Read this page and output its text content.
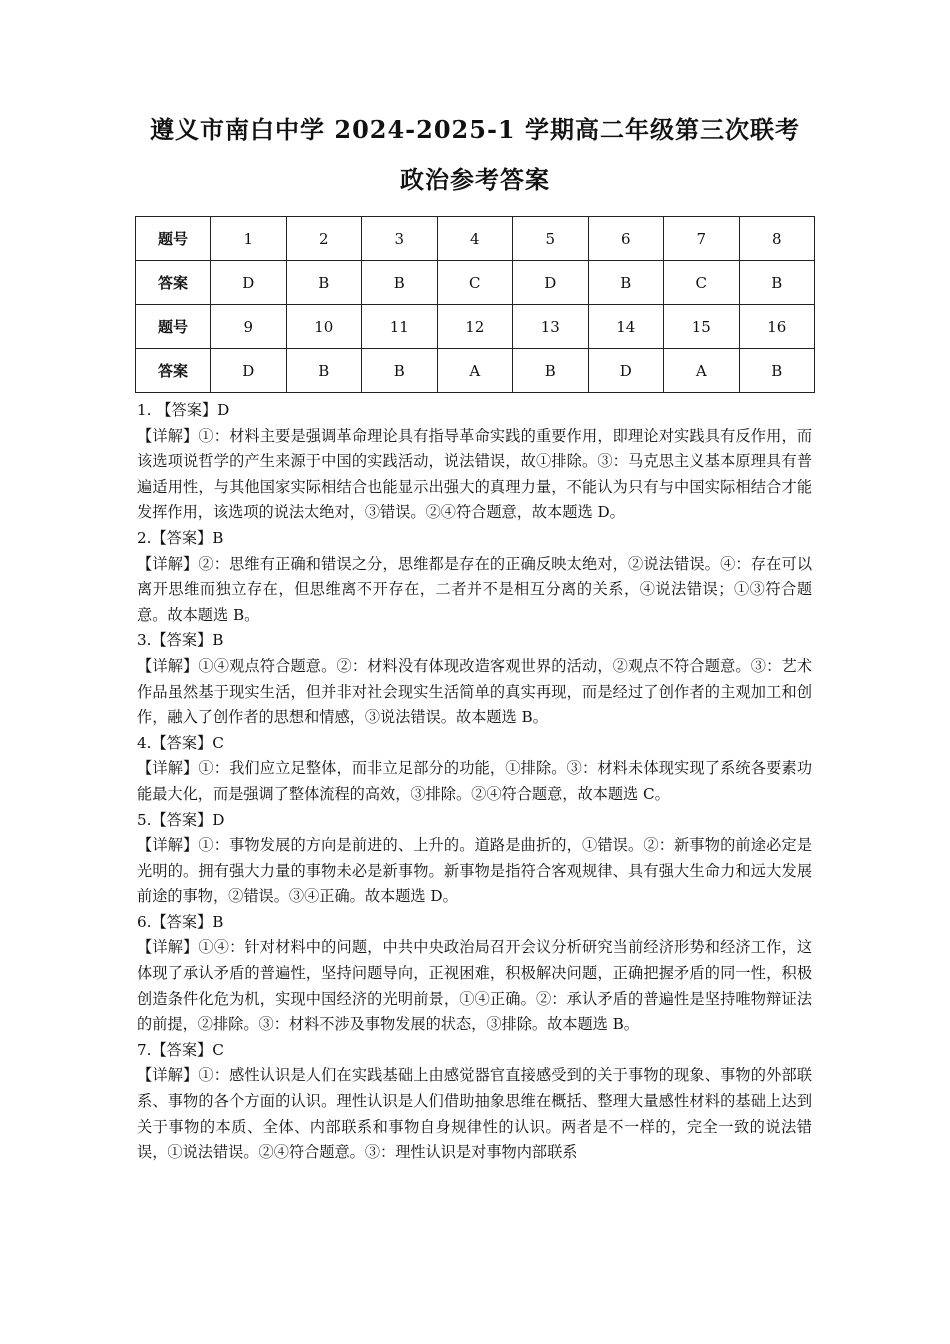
遵义市南白中学 2024-2025-1 学期高二年级第三次联考
政治参考答案
题号	1	2	3	4	5	6	7	8
答案	D	B	B	C	D	B	C	B
题号	9	10	11	12	13	14	15	16
答案	D	B	B	A	B	D	A	B

1. 【答案】D

【详解】①：材料主要是强调革命理论具有指导革命实践的重要作用，即理论对实践具有反作用，而该选项说哲学的产生来源于中国的实践活动，说法错误，故①排除。③：马克思主义基本原理具有普遍适用性，与其他国家实际相结合也能显示出强大的真理力量，不能认为只有与中国实际相结合才能发挥作用，该选项的说法太绝对，③错误。②④符合题意，故本题选 D。

2.【答案】B

【详解】②：思维有正确和错误之分，思维都是存在的正确反映太绝对，②说法错误。④：存在可以离开思维而独立存在，但思维离不开存在，二者并不是相互分离的关系，④说法错误；①③符合题意。故本题选 B。

3.【答案】B

【详解】①④观点符合题意。②：材料没有体现改造客观世界的活动，②观点不符合题意。③：艺术作品虽然基于现实生活，但并非对社会现实生活简单的真实再现，而是经过了创作者的主观加工和创作，融入了创作者的思想和情感，③说法错误。故本题选 B。

4.【答案】C

【详解】①：我们应立足整体，而非立足部分的功能，①排除。③：材料未体现实现了系统各要素功能最大化，而是强调了整体流程的高效，③排除。②④符合题意，故本题选 C。

5.【答案】D

【详解】①：事物发展的方向是前进的、上升的。道路是曲折的，①错误。②：新事物的前途必定是光明的。拥有强大力量的事物未必是新事物。新事物是指符合客观规律、具有强大生命力和远大发展前途的事物，②错误。③④正确。故本题选 D。

6.【答案】B

【详解】①④：针对材料中的问题，中共中央政治局召开会议分析研究当前经济形势和经济工作，这体现了承认矛盾的普遍性，坚持问题导向，正视困难，积极解决问题，正确把握矛盾的同一性，积极创造条件化危为机，实现中国经济的光明前景，①④正确。②：承认矛盾的普遍性是坚持唯物辩证法的前提，②排除。③：材料不涉及事物发展的状态，③排除。故本题选 B。

7.【答案】C

【详解】①：感性认识是人们在实践基础上由感觉器官直接感受到的关于事物的现象、事物的外部联系、事物的各个方面的认识。理性认识是人们借助抽象思维在概括、整理大量感性材料的基础上达到关于事物的本质、全体、内部联系和事物自身规律性的认识。两者是不一样的，完全一致的说法错误，①说法错误。②④符合题意。③：理性认识是对事物内部联系
